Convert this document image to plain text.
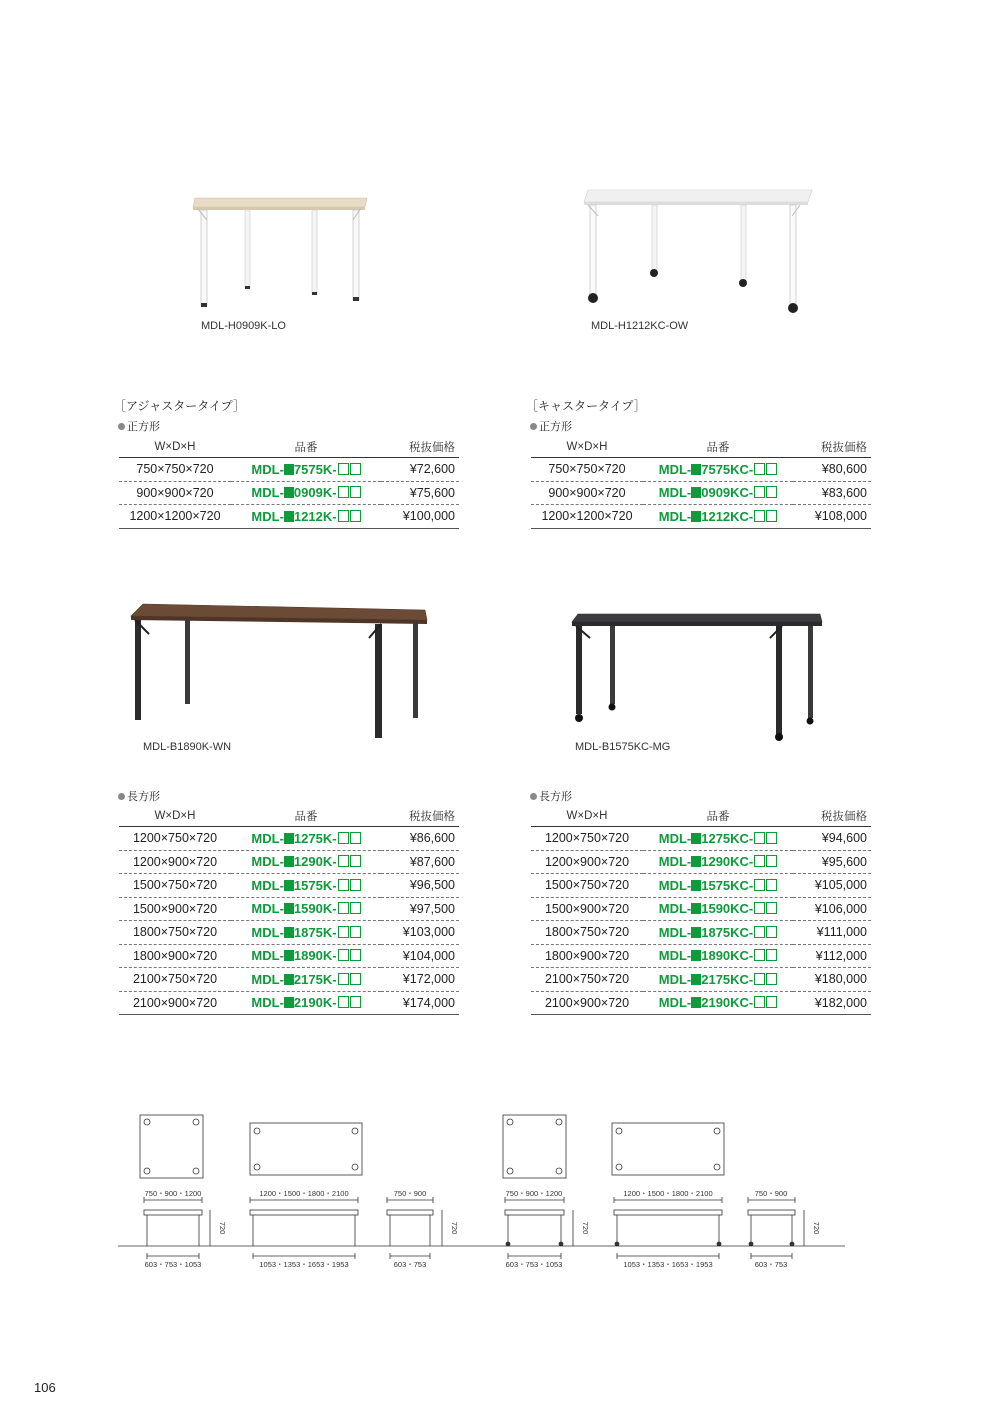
MDL-H0909K-LO	MDL-H1212KC-OW
MDL-B1890K-WN	MDL-B1575KC-MG
［アジャスタータイプ］
正方形
W×D×H	品番	税抜価格
750×750×720	MDL- 7575K-	¥72,600
900×900×720	MDL- 0909K-	¥75,600
1200×1200×720	MDL- 1212K-	¥100,000
［キャスタータイプ］
正方形
W×D×H	品番	税抜価格
750×750×720	MDL- 7575KC-	¥80,600
900×900×720	MDL- 0909KC-	¥83,600
1200×1200×720	MDL- 1212KC-	¥108,000
長方形
W×D×H	品番	税抜価格
1200×750×720	MDL- 1275K-	¥86,600
1200×900×720	MDL- 1290K-	¥87,600
1500×750×720	MDL- 1575K-	¥96,500
1500×900×720	MDL- 1590K-	¥97,500
1800×750×720	MDL- 1875K-	¥103,000
1800×900×720	MDL- 1890K-	¥104,000
2100×750×720	MDL- 2175K-	¥172,000
2100×900×720	MDL- 2190K-	¥174,000
長方形
W×D×H	品番	税抜価格
1200×750×720	MDL- 1275KC-	¥94,600
1200×900×720	MDL- 1290KC-	¥95,600
1500×750×720	MDL- 1575KC-	¥105,000
1500×900×720	MDL- 1590KC-	¥106,000
1800×750×720	MDL- 1875KC-	¥111,000
1800×900×720	MDL- 1890KC-	¥112,000
2100×750×720	MDL- 2175KC-	¥180,000
2100×900×720	MDL- 2190KC-	¥182,000
750・900・1200
603・753・1053
1200・1500・1800・2100
1053・1353・1653・1953
750・900
603・753
750・900・1200
603・753・1053
1200・1500・1800・2100
1053・1353・1653・1953
750・900
603・753
720	720	720	720
106
